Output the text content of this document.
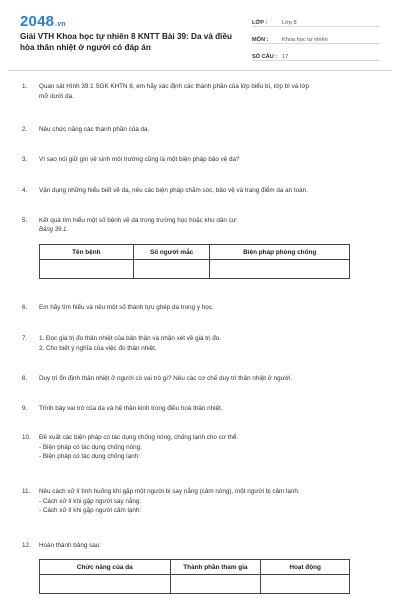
2048.vn
Giải VTH Khoa học tự nhiên 8 KNTT Bài 39: Da và điều hòa thân nhiệt ở người có đáp án
LỚP :	Lớp 8
MÔN :	Khoa học tự nhiên
SỐ CÂU : 17
1.	Quan sát Hình 39.1 SGK KHTN 8, em hãy xác định các thành phần của lớp biểu bì, lớp bì và lớp
mỡ dưới da.
2.	Nêu chức năng các thành phần của da.
3.	Vì sao nói giữ gìn vệ sinh môi trường cũng là một biện pháp bảo vệ da?
4.	Vận dụng những hiểu biết về da, nêu các biện pháp chăm sóc, bảo vệ và trang điểm da an toàn.
5.	Kết quả tìm hiểu một số bệnh về da trong trường học hoặc khu dân cư:
Bảng 39.1.
Tên bệnh	Số người mắc	Biện pháp phòng chống

6.	Em hãy tìm hiểu và nêu một số thành tựu ghép da trong y học.
7.	1. Đọc giá trị đo thân nhiệt của bản thân và nhận xét về giá trị đo.
2. Cho biết ý nghĩa của việc đo thân nhiệt.
8.	Duy trì ổn định thân nhiệt ở người có vai trò gì? Nêu các cơ chế duy trì thân nhiệt ở người.
9.	Trình bày vai trò của da và hệ thần kinh trong điều hoà thân nhiệt.
10.	Đề xuất các biện pháp có tác dụng chống nóng, chống lạnh cho cơ thể.
- Biện pháp có tác dụng chống nóng:
- Biện pháp có tác dụng chống lạnh:
11.	Nêu cách xử lí tình huống khi gặp một người bị say nắng (cảm nóng), một người bị cảm lạnh.
- Cách xử lí khi gặp người say nắng:
- Cách xử lí khi gặp người cảm lạnh:
12.	Hoàn thành bảng sau:
Chức năng của da	Thành phần tham gia	Hoạt động
